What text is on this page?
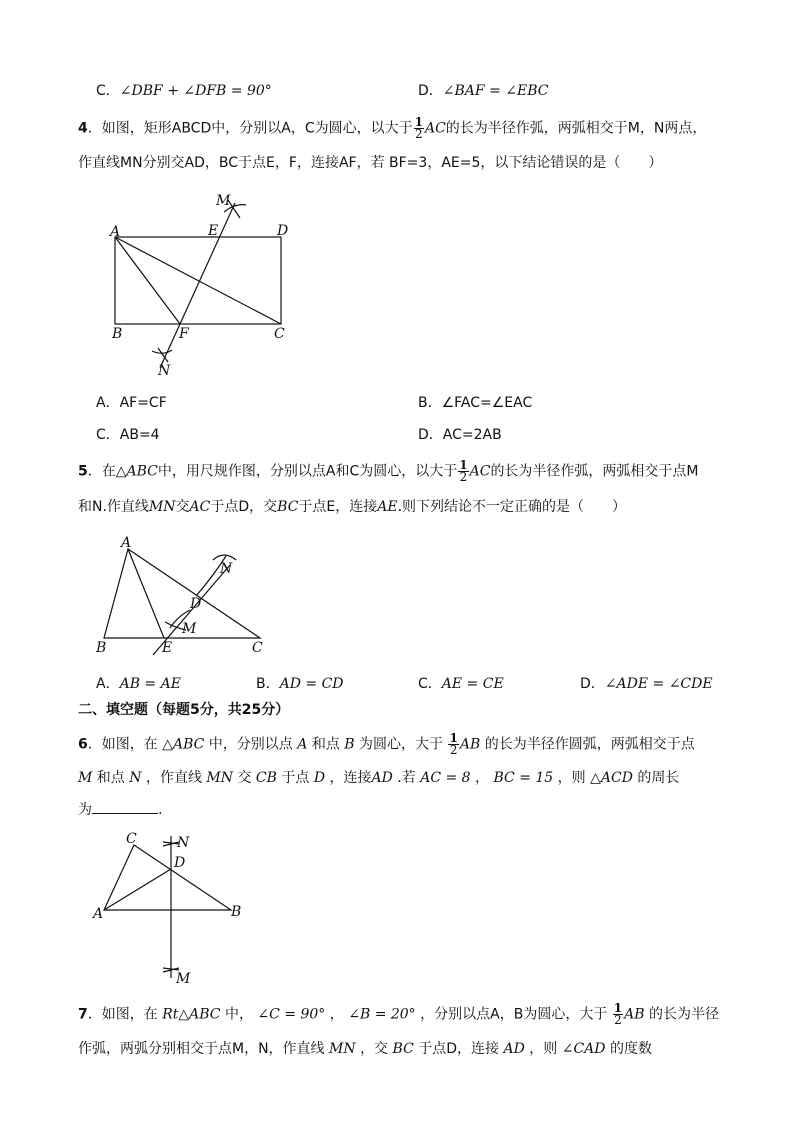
C．∠DBF + ∠DFB = 90°	D．∠BAF = ∠EBC
4．如图，矩形ABCD中，分别以A，C为圆心，以大于 $\frac{1}{2}$ AC的长为半径作弧，两弧相交于M，N两点，
作直线MN分别交AD，BC于点E，F，连接AF，若 BF=3，AE=5，以下结论错误的是（　　）
M
A	E	D
B	F	C
N
A．AF=CF	B．∠FAC=∠EAC
C．AB=4	D．AC=2AB
5．在△ABC中，用尺规作图，分别以点A和C为圆心，以大于 $\frac{1}{2}$ AC的长为半径作弧，两弧相交于点M
和N.作直线MN交AC于点D，交BC于点E，连接AE.则下列结论不一定正确的是（　　）
A
N
D
M
B	E	C
A．AB = AE	B．AD = CD	C．AE = CE	D．∠ADE = ∠CDE
二、填空题（每题5分，共25分）
6．如图，在 △ABC 中，分别以点 A 和点 B 为圆心，大于 $\frac{1}{2}$ AB 的长为半径作圆弧，两弧相交于点
M 和点 N ，作直线 MN 交 CB 于点 D ，连接AD .若 AC = 8 ， BC = 15 ，则 △ACD 的周长
为	.
C	N
D
A	B
M
7．如图，在 Rt△ABC 中， ∠C = 90° ， ∠B = 20° ，分别以点A，B为圆心，大于 $\frac{1}{2}$ AB 的长为半径
作弧，两弧分别相交于点M，N，作直线 MN ，交 BC 于点D，连接 AD ，则 ∠CAD 的度数
